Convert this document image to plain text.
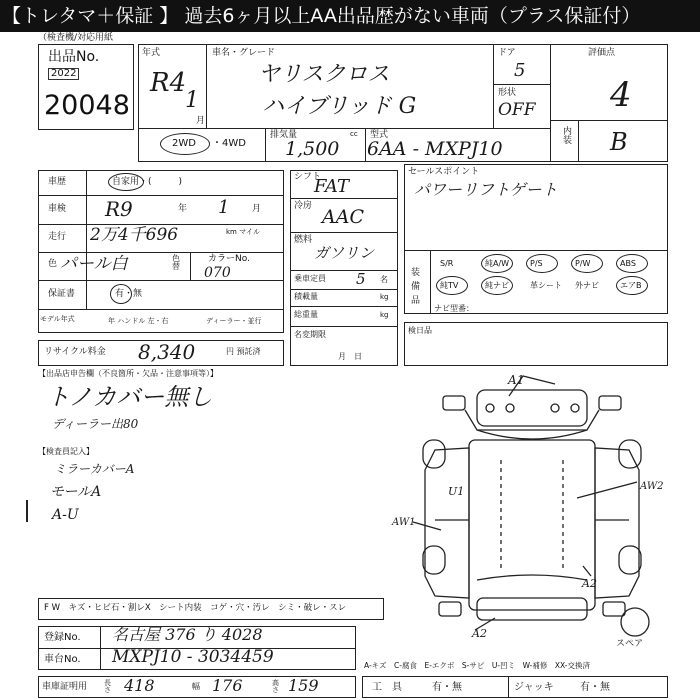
【トレタマ＋保証 】 過去6ヶ月以上AA出品歴がない車両（プラス保証付）
（検査機/対応用紙
出品No.
2022
20048
年式
R4
1
月
車名・グレード
ヤリスクロス
ハイブリッド G
ドア
5
形状
OFF
評価点
4
内装 B
2WD ・4WD
排気量
1,500
cc 型式
6AA - MXPJ10
車歴	自家用・(　　　)
車検 R9	年 1	月
走行 2万4千696	km マイル
色 パール白	色替
カラーNo.
070
保証書	有・無
モデル年式	年 ハンドル 左・右	ディーラー・並行
リサイクル料金 8,340	円 預託済
シフト
FAT
冷房 AAC
燃料
ガソリン
乗車定員 5 名
積載量	kg
総重量	kg
名変期限
月　日
セールスポイント
パワーリフトゲート
装備品
S/R	純A/W	P/S	P/W	ABS
純TV	純ナビ	革シート 外ナビ	エアB
ナビ型番：
検日品
【出品店申告欄（不良箇所・欠品・注意事項等）】
トノカバー無し
ディーラー出80
【検査員記入】
ミラーカバーA
モールA
A-U
A1
U1
A2
AW1
AW2
A2
スペア
F W　キズ・ヒビ石・割レX　シート内装　コゲ・穴・汚レ　シミ・破レ・スレ
登録No. 名古屋 376 り 4028
車台No. MXPJ10 - 3034459	A-キズ　C-腐食　E-エクボ　S-サビ　U-凹ミ　W-補修　XX-交換済
車庫証明用 長さ 418	幅 176	高さ 159	工　具	有・無	ジャッキ	有・無
